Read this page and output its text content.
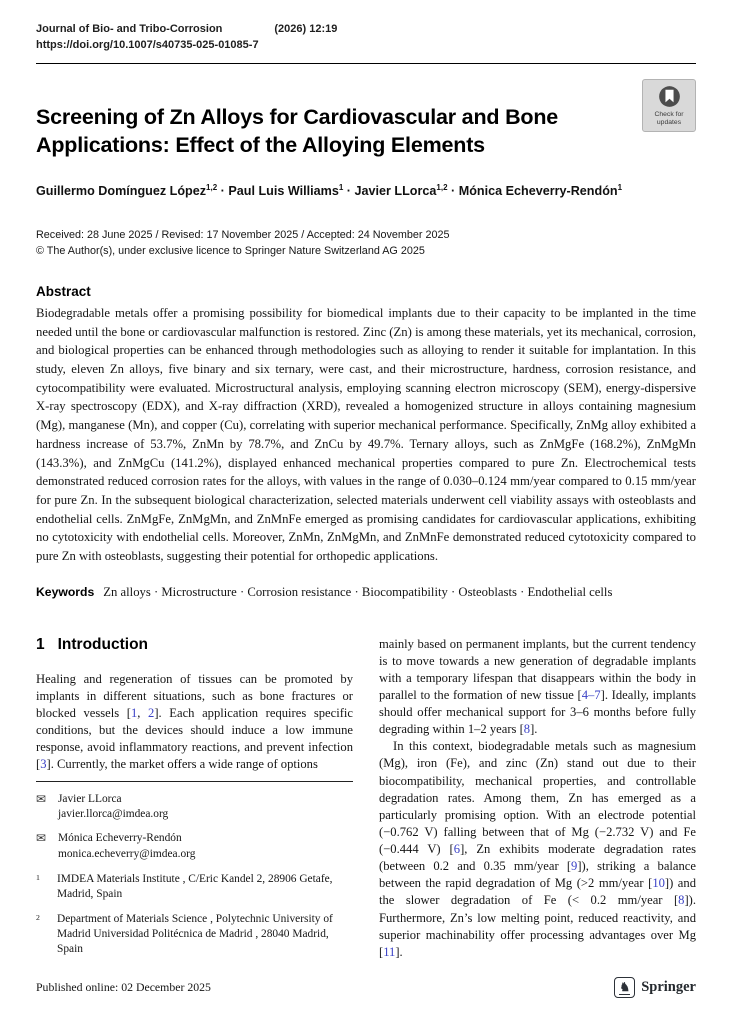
Journal of Bio- and Tribo-Corrosion	(2026) 12:19
https://doi.org/10.1007/s40735-025-01085-7
Check for updates
Screening of Zn Alloys for Cardiovascular and Bone Applications: Effect of the Alloying Elements
Guillermo Domínguez López$^{1,2}$ · Paul Luis Williams$^1$ · Javier LLorca$^{1,2}$ · Mónica Echeverry-Rendón$^1$
Received: 28 June 2025 / Revised: 17 November 2025 / Accepted: 24 November 2025
© The Author(s), under exclusive licence to Springer Nature Switzerland AG 2025
Abstract
Biodegradable metals offer a promising possibility for biomedical implants due to their capacity to be implanted in the time needed until the bone or cardiovascular malfunction is restored. Zinc (Zn) is among these materials, yet its mechanical, corrosion, and biological properties can be enhanced through methodologies such as alloying to render it suitable for implantation. In this study, eleven Zn alloys, five binary and six ternary, were cast, and their microstructure, hardness, corrosion resistance, and cytocompatibility were evaluated. Microstructural analysis, employing scanning electron microscopy (SEM), energy-dispersive X-ray spectroscopy (EDX), and X-ray diffraction (XRD), revealed a homogenized structure in alloys containing magnesium (Mg), manganese (Mn), and copper (Cu), correlating with superior mechanical performance. Specifically, ZnMg alloy exhibited a hardness increase of 53.7%, ZnMn by 78.7%, and ZnCu by 49.7%. Ternary alloys, such as ZnMgFe (168.2%), ZnMgMn (143.3%), and ZnMgCu (141.2%), displayed enhanced mechanical properties compared to pure Zn. Electrochemical tests demonstrated reduced corrosion rates for the alloys, with values in the range of 0.030–0.124 mm/year compared to 0.15 mm/year for pure Zn. In the subsequent biological characterization, selected materials underwent cell viability assays with osteoblasts and endothelial cells. ZnMgFe, ZnMgMn, and ZnMnFe emerged as promising candidates for cardiovascular applications, exhibiting no cytotoxicity with endothelial cells. Moreover, ZnMn, ZnMgMn, and ZnMnFe demonstrated reduced cytotoxicity compared to pure Zn with osteoblasts, suggesting their potential for orthopedic applications.
Keywords Zn alloys · Microstructure · Corrosion resistance · Biocompatibility · Osteoblasts · Endothelial cells
1 Introduction

Healing and regeneration of tissues can be promoted by implants in different situations, such as bone fractures or blocked vessels [1, 2]. Each application requires specific conditions, but the devices should induce a low immune response, avoid inflammatory reactions, and prevent infection [3]. Currently, the market offers a wide range of options

✉	Javier LLorca
javier.llorca@imdea.org
✉	Mónica Echeverry-Rendón
monica.echeverry@imdea.org
1	IMDEA Materials Institute , C/Eric Kandel 2, 28906 Getafe, Madrid, Spain
2	Department of Materials Science , Polytechnic University of Madrid Universidad Politécnica de Madrid , 28040 Madrid, Spain

mainly based on permanent implants, but the current tendency is to move towards a new generation of degradable implants with a temporary lifespan that disappears within the body in parallel to the formation of new tissue [4–7]. Ideally, implants should offer mechanical support for 3–6 months before fully degrading within 1–2 years [8].

In this context, biodegradable metals such as magnesium (Mg), iron (Fe), and zinc (Zn) stand out due to their biocompatibility, mechanical properties, and controllable degradation rates. Among them, Zn has emerged as a particularly promising option. With an electrode potential (−0.762 V) falling between that of Mg (−2.732 V) and Fe (−0.444 V) [6], Zn exhibits moderate degradation rates (between 0.2 and 0.35 mm/year [9]), striking a balance between the rapid degradation of Mg (>2 mm/year [10]) and the slower degradation of Fe (< 0.2 mm/year [8]). Furthermore, Zn’s low melting point, reduced reactivity, and superior machinability offer processing advantages over Mg [11].

Published online: 02 December 2025	♞ Springer
